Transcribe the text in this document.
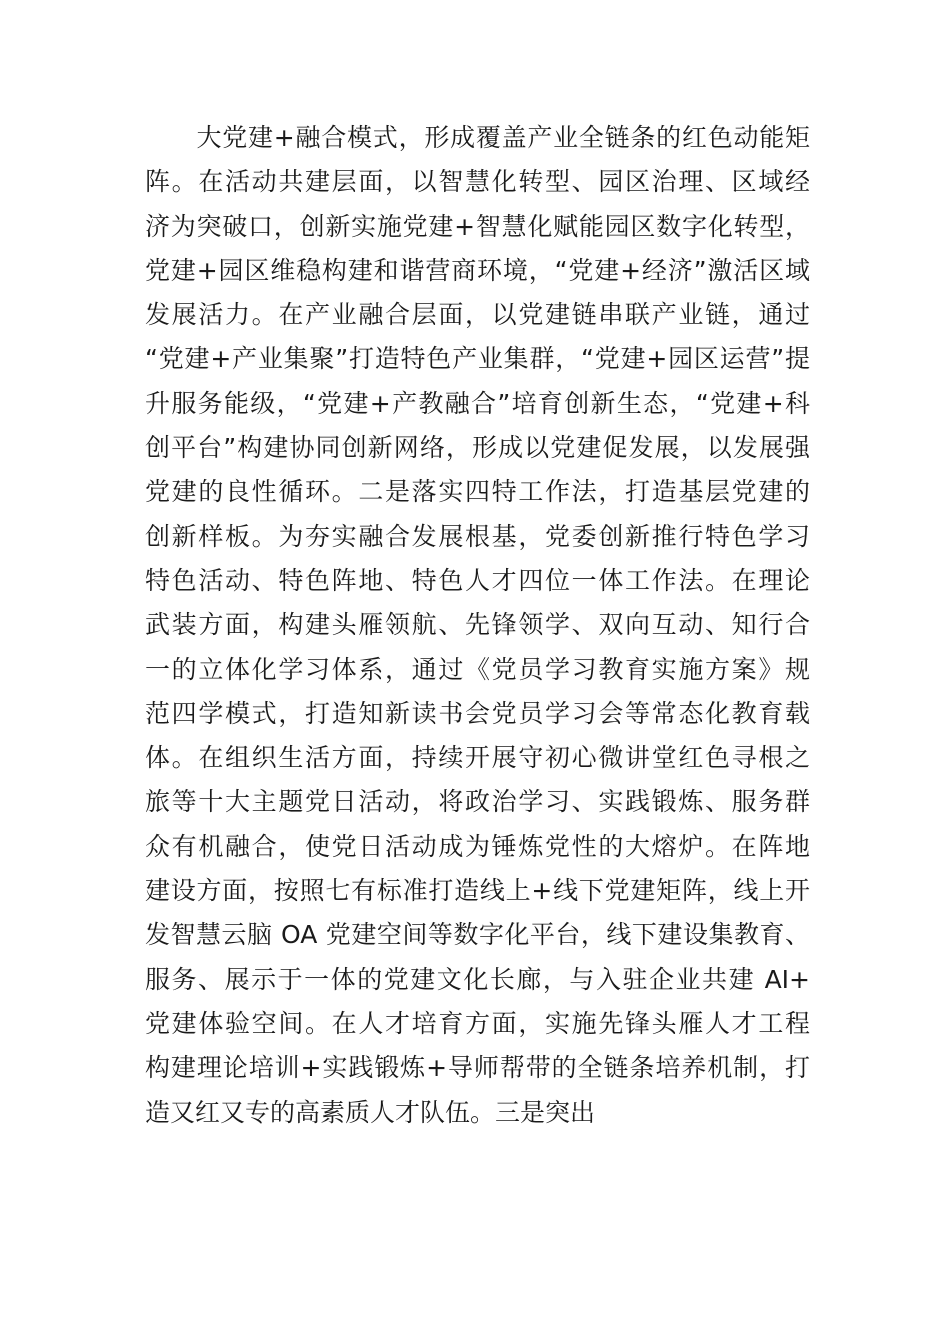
　　大党建+融合模式，形成覆盖产业全链条的红色动能矩
阵。在活动共建层面，以智慧化转型、园区治理、区域经
济为突破口，创新实施党建+智慧化赋能园区数字化转型，
党建+园区维稳构建和谐营商环境，“党建+经济”激活区域
发展活力。在产业融合层面，以党建链串联产业链，通过
“党建+产业集聚”打造特色产业集群，“党建+园区运营”提
升服务能级，“党建+产教融合”培育创新生态，“党建+科
创平台”构建协同创新网络，形成以党建促发展，以发展强
党建的良性循环。二是落实四特工作法，打造基层党建的
创新样板。为夯实融合发展根基，党委创新推行特色学习
特色活动、特色阵地、特色人才四位一体工作法。在理论
武装方面，构建头雁领航、先锋领学、双向互动、知行合
一的立体化学习体系，通过《党员学习教育实施方案》规
范四学模式，打造知新读书会党员学习会等常态化教育载
体。在组织生活方面，持续开展守初心微讲堂红色寻根之
旅等十大主题党日活动，将政治学习、实践锻炼、服务群
众有机融合，使党日活动成为锤炼党性的大熔炉。在阵地
建设方面，按照七有标准打造线上+线下党建矩阵，线上开
发智慧云脑 OA 党建空间等数字化平台，线下建设集教育、
服务、展示于一体的党建文化长廊，与入驻企业共建 AI+
党建体验空间。在人才培育方面，实施先锋头雁人才工程
构建理论培训+实践锻炼+导师帮带的全链条培养机制，打
造又红又专的高素质人才队伍。三是突出
